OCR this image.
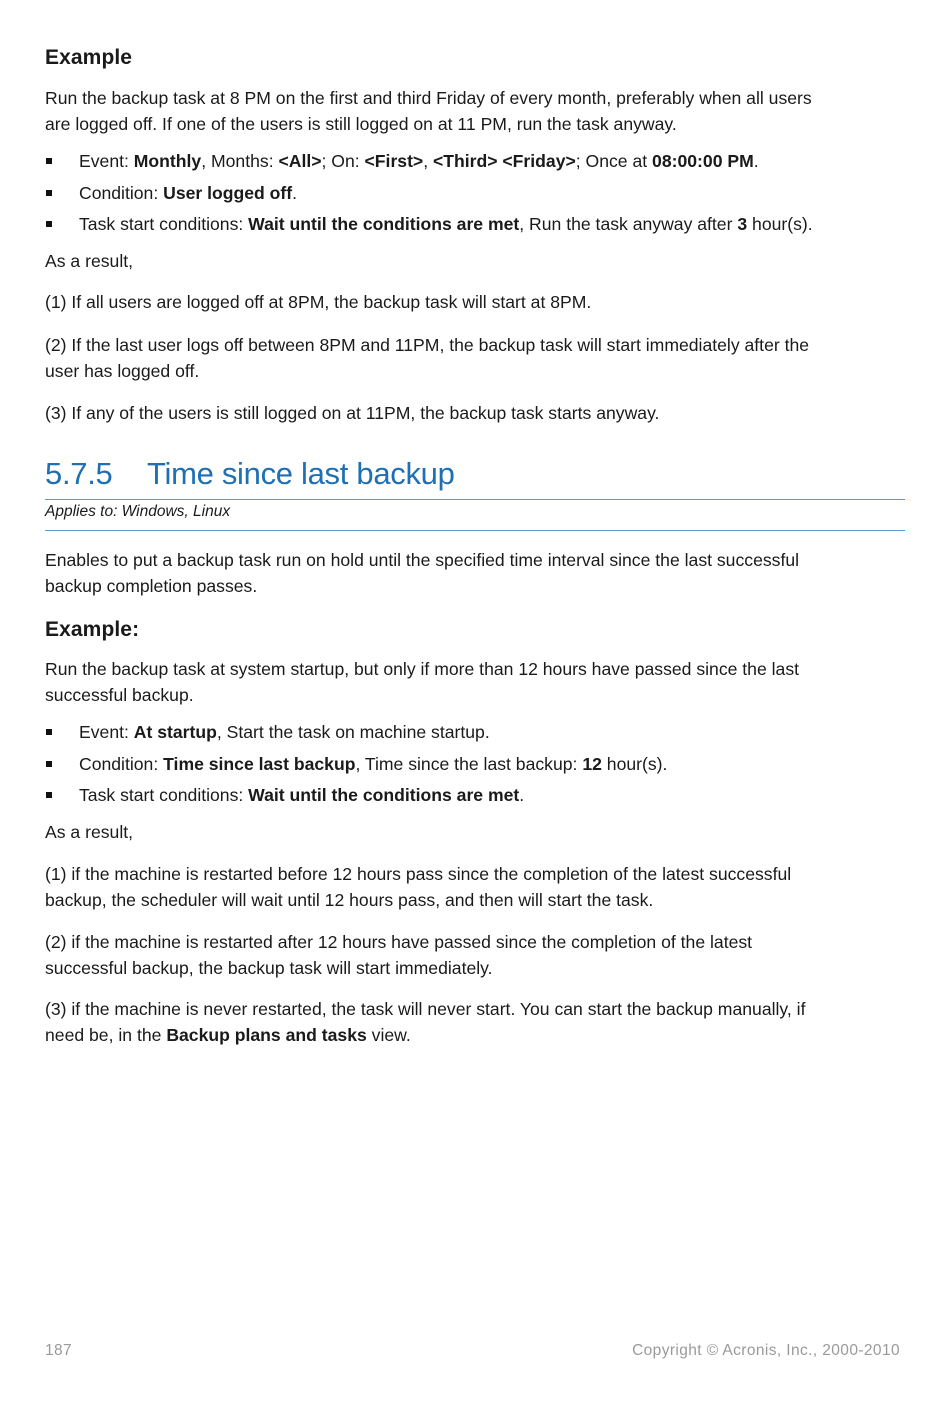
Example
Run the backup task at 8 PM on the first and third Friday of every month, preferably when all users
are logged off. If one of the users is still logged on at 11 PM, run the task anyway.
Event: Monthly, Months: <All>; On: <First>, <Third> <Friday>; Once at 08:00:00 PM.
Condition: User logged off.
Task start conditions: Wait until the conditions are met, Run the task anyway after 3 hour(s).
As a result,
(1) If all users are logged off at 8PM, the backup task will start at 8PM.
(2) If the last user logs off between 8PM and 11PM, the backup task will start immediately after the
user has logged off.
(3) If any of the users is still logged on at 11PM, the backup task starts anyway.
5.7.5 Time since last backup
Applies to: Windows, Linux
Enables to put a backup task run on hold until the specified time interval since the last successful
backup completion passes.
Example:
Run the backup task at system startup, but only if more than 12 hours have passed since the last
successful backup.
Event: At startup, Start the task on machine startup.
Condition: Time since last backup, Time since the last backup: 12 hour(s).
Task start conditions: Wait until the conditions are met.
As a result,
(1) if the machine is restarted before 12 hours pass since the completion of the latest successful
backup, the scheduler will wait until 12 hours pass, and then will start the task.
(2) if the machine is restarted after 12 hours have passed since the completion of the latest
successful backup, the backup task will start immediately.
(3) if the machine is never restarted, the task will never start. You can start the backup manually, if
need be, in the Backup plans and tasks view.
187	Copyright © Acronis, Inc., 2000-2010
